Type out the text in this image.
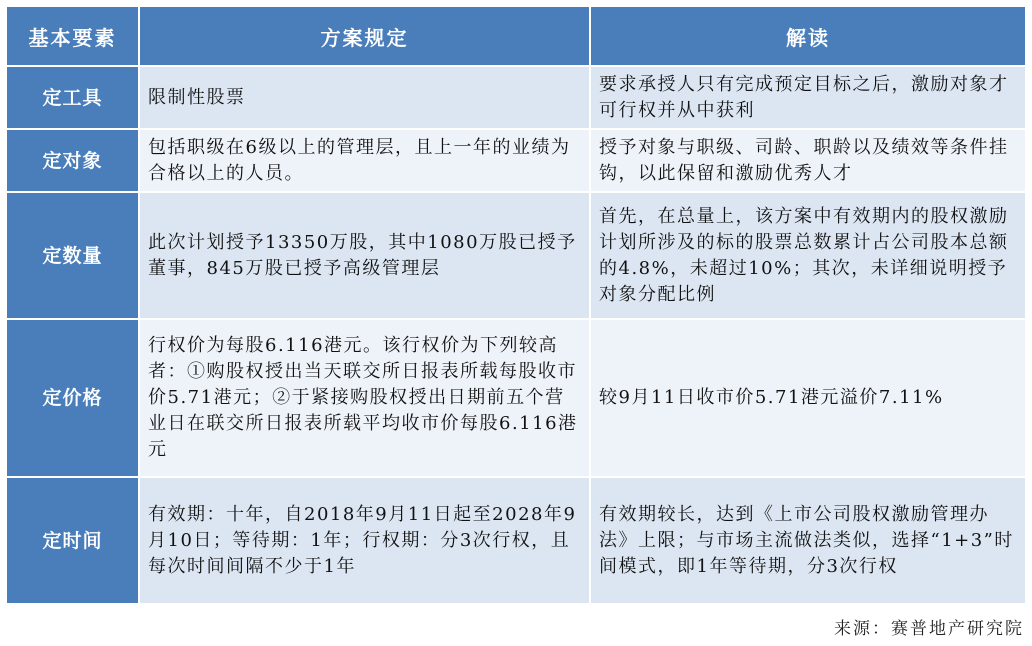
基本要素	方案规定	解读
定工具	限制性股票	要求承授人只有完成预定目标之后，激励对象才可行权并从中获利
定对象	包括职级在6级以上的管理层，且上一年的业绩为合格以上的人员。	授予对象与职级、司龄、职龄以及绩效等条件挂钩，以此保留和激励优秀人才
定数量	此次计划授予13350万股，其中1080万股已授予董事，845万股已授予高级管理层	首先，在总量上，该方案中有效期内的股权激励计划所涉及的标的股票总数累计占公司股本总额的4.8%，未超过10%；其次，未详细说明授予对象分配比例
定价格	行权价为每股6.116港元。该行权价为下列较高者：①购股权授出当天联交所日报表所载每股收市价5.71港元；②于紧接购股权授出日期前五个营业日在联交所日报表所载平均收市价每股6.116港元	较9月11日收市价5.71港元溢价7.11%
定时间	有效期：十年，自2018年9月11日起至2028年9月10日；等待期：1年；行权期：分3次行权，且每次时间间隔不少于1年	有效期较长，达到《上市公司股权激励管理办法》上限；与市场主流做法类似，选择“1+3”时间模式，即1年等待期，分3次行权
来源：赛普地产研究院
